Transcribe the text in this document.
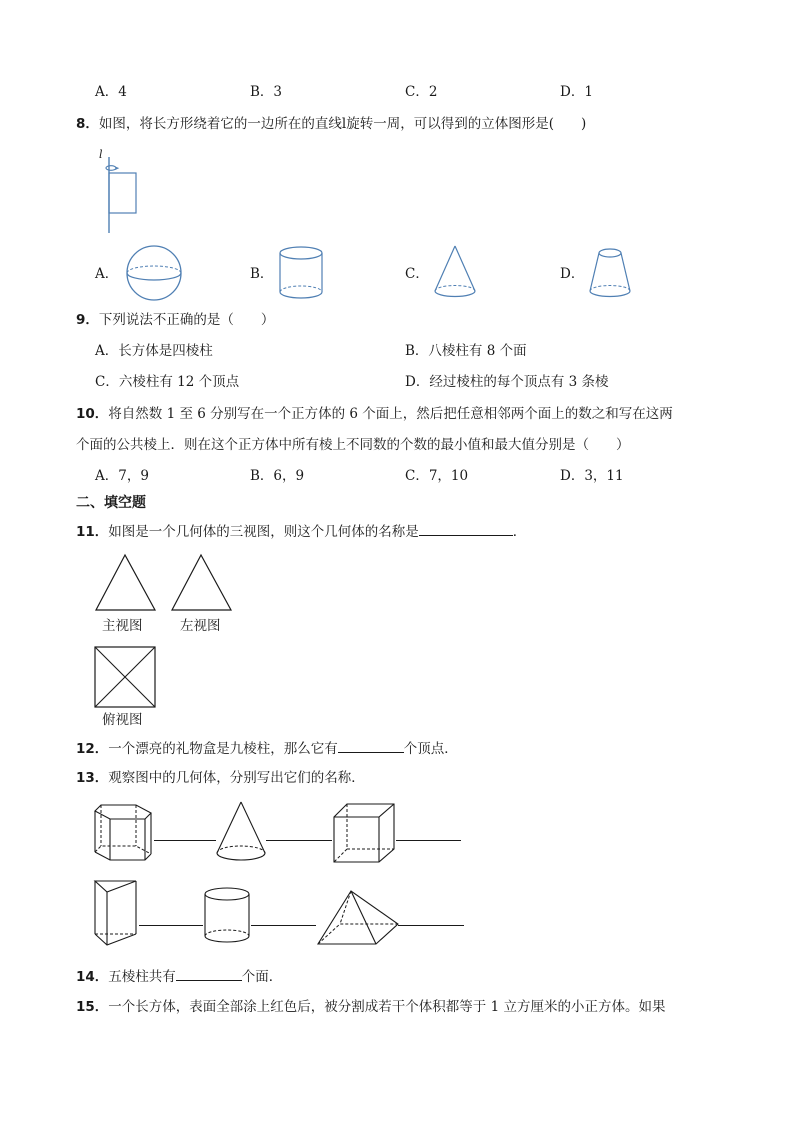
A．4	B．3	C．2	D．1
8．如图，将长方形绕着它的一边所在的直线l旋转一周，可以得到的立体图形是(　　)
l
A．	B．	C．	D．
9．下列说法不正确的是（　　）
A．长方体是四棱柱	B．八棱柱有 8 个面
C．六棱柱有 12 个顶点	D．经过棱柱的每个顶点有 3 条棱
10．将自然数 1 至 6 分别写在一个正方体的 6 个面上，然后把任意相邻两个面上的数之和写在这两
个面的公共棱上．则在这个正方体中所有棱上不同数的个数的最小值和最大值分别是（　　）
A．7，9	B．6，9	C．7，10	D．3，11
二、填空题
11．如图是一个几何体的三视图，则这个几何体的名称是	．
主视图	左视图
俯视图
12．一个漂亮的礼物盒是九棱柱，那么它有	个顶点．
13．观察图中的几何体，分别写出它们的名称．
14．五棱柱共有	个面．
15．一个长方体，表面全部涂上红色后，被分割成若干个体积都等于 1 立方厘米的小正方体。如果
